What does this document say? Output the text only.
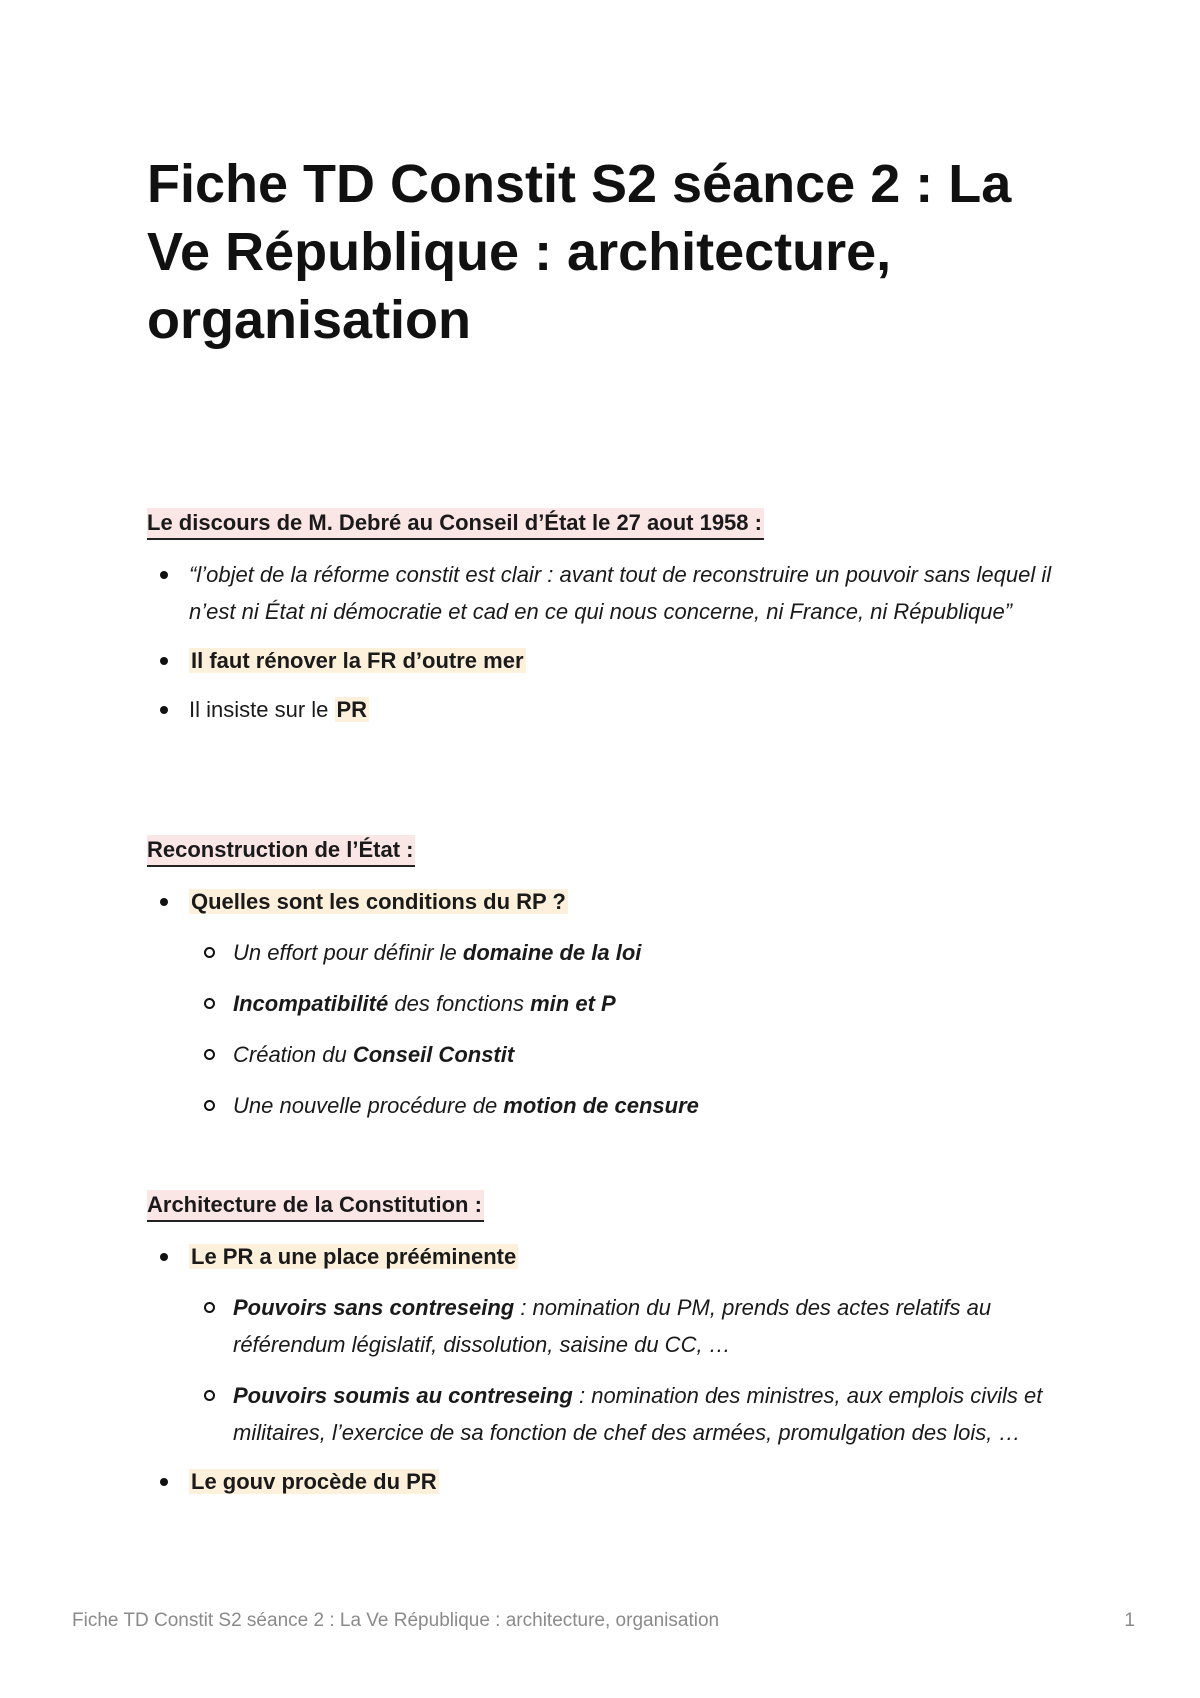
Fiche TD Constit S2 séance 2 : La Ve République : architecture, organisation
Le discours de M. Debré au Conseil d’État le 27 aout 1958 :
“l’objet de la réforme constit est clair : avant tout de reconstruire un pouvoir sans lequel il n’est ni État ni démocratie et cad en ce qui nous concerne, ni France, ni République”
Il faut rénover la FR d’outre mer
Il insiste sur le PR
Reconstruction de l’État :
Quelles sont les conditions du RP ?
Un effort pour définir le domaine de la loi
Incompatibilité des fonctions min et P
Création du Conseil Constit
Une nouvelle procédure de motion de censure
Architecture de la Constitution :
Le PR a une place prééminente
Pouvoirs sans contreseing : nomination du PM, prends des actes relatifs au référendum législatif, dissolution, saisine du CC, …
Pouvoirs soumis au contreseing : nomination des ministres, aux emplois civils et militaires, l’exercice de sa fonction de chef des armées, promulgation des lois, …
Le gouv procède du PR
Fiche TD Constit S2 séance 2 : La Ve République : architecture, organisation	1
